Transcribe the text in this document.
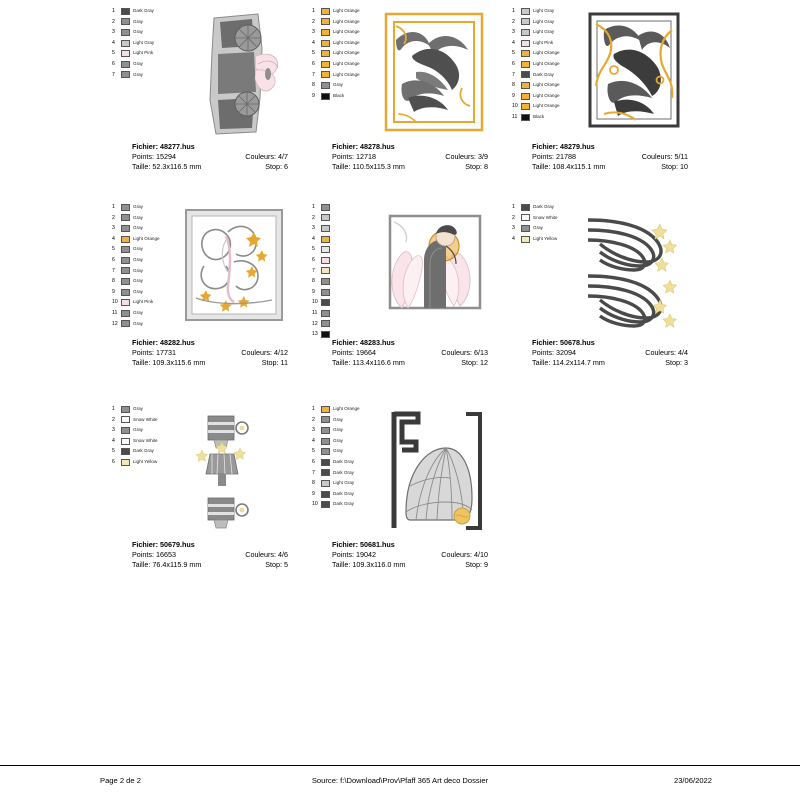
1	Dark Gray
2	Gray
3	Gray
4	Light Gray
5	Light Pink
6	Gray
7	Gray
Fichier: 48277.hus
Points: 15294
Taille: 52.3x116.5 mm
Couleurs: 4/7
Stop: 6
1	Light Orange
2	Light Orange
3	Light Orange
4	Light Orange
5	Light Orange
6	Light Orange
7	Light Orange
8	Gray
9	Black
Fichier: 48278.hus
Points: 12718
Taille: 110.5x115.3 mm
Couleurs: 3/9
Stop: 8
1	Light Gray
2	Light Gray
3	Light Gray
4	Light Pink
5	Light Orange
6	Light Orange
7	Dark Gray
8	Light Orange
9	Light Orange
10	Light Orange
11	Black
Fichier: 48279.hus
Points: 21788
Taille: 108.4x115.1 mm
Couleurs: 5/11
Stop: 10
1	Gray
2	Gray
3	Gray
4	Light Orange
5	Gray
6	Gray
7	Gray
8	Gray
9	Gray
10	Light Pink
11	Gray
12	Gray
Fichier: 48282.hus
Points: 17731
Taille: 109.3x115.6 mm
Couleurs: 4/12
Stop: 11
1
2
3
4
5
6
7
8
9
10
11
12
13
Fichier: 48283.hus
Points: 19664
Taille: 113.4x116.6 mm
Couleurs: 6/13
Stop: 12
1	Dark Gray
2	Snow White
3	Gray
4	Light Yellow
Fichier: 50678.hus
Points: 32094
Taille: 114.2x114.7 mm
Couleurs: 4/4
Stop: 3
1	Gray
2	Snow White
3	Gray
4	Snow White
5	Dark Gray
6	Light Yellow
Fichier: 50679.hus
Points: 16653
Taille: 76.4x115.9 mm
Couleurs: 4/6
Stop: 5
1	Light Orange
2	Gray
3	Gray
4	Gray
5	Gray
6	Dark Gray
7	Dark Gray
8	Light Gray
9	Dark Gray
10	Dark Gray
Fichier: 50681.hus
Points: 19042
Taille: 109.3x116.0 mm
Couleurs: 4/10
Stop: 9
Page 2 de 2	Source: f:\Download\Prov\Pfaff 365 Art deco Dossier	23/06/2022
